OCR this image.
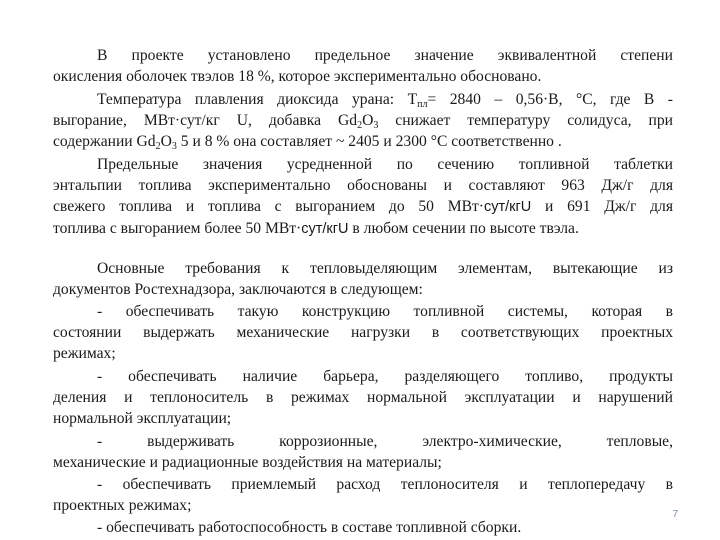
В проекте установлено предельное значение эквивалентной степени
окисления оболочек твэлов 18 %, которое экспериментально обосновано.
Температура плавления диоксида урана: $Т_{пл}= 2840 - 0,56\cdot В$, °С, где В -
выгорание, МВт·сут/кг U, добавка $Gd_2O_3$ снижает температуру солидуса, при
содержании $Gd_2O_3$ 5 и 8 % она составляет ~ 2405 и 2300 °С соответственно .
Предельные значения усредненной по сечению топливной таблетки
энтальпии топлива экспериментально обоснованы и составляют 963 Дж/г для
свежего топлива и топлива с выгоранием до 50 МВт·сут/кгU и 691 Дж/г для
топлива с выгоранием более 50 МВт·сут/кгU в любом сечении по высоте твэла.
Основные требования к тепловыделяющим элементам, вытекающие из
документов Ростехнадзора, заключаются в следующем:
- обеспечивать такую конструкцию топливной системы, которая в
состоянии выдержать механические нагрузки в соответствующих проектных
режимах;
- обеспечивать наличие барьера, разделяющего топливо, продукты
деления и теплоноситель в режимах нормальной эксплуатации и нарушений
нормальной эксплуатации;
- выдерживать коррозионные, электро-химические, тепловые,
механические и радиационные воздействия на материалы;
- обеспечивать приемлемый расход теплоносителя и теплопередачу в
проектных режимах;
- обеспечивать работоспособность в составе топливной сборки.
7
